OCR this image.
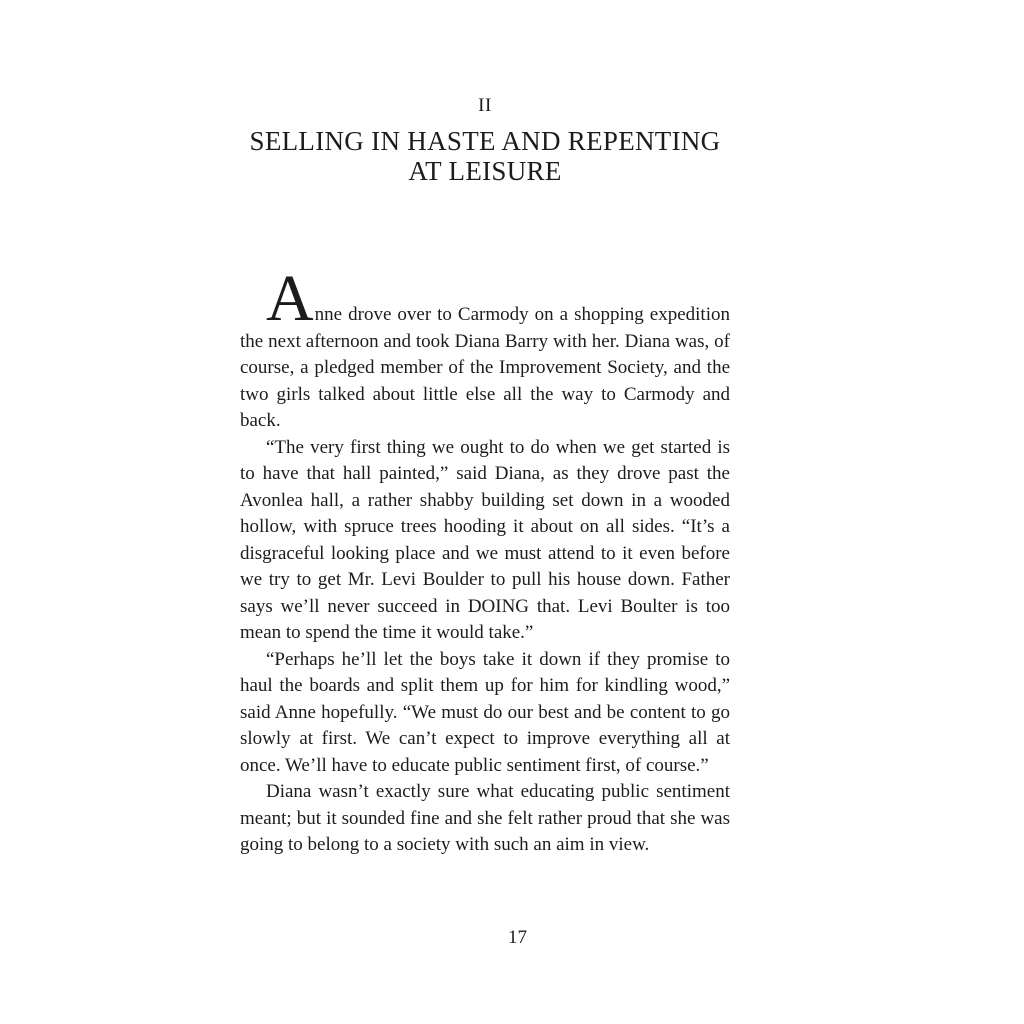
II
SELLING IN HASTE AND REPENTING
AT LEISURE

Anne drove over to Carmody on a shopping expedition the next afternoon and took Diana Barry with her. Diana was, of course, a pledged member of the Improvement Society, and the two girls talked about little else all the way to Carmody and back.

“The very first thing we ought to do when we get started is to have that hall painted,” said Diana, as they drove past the Avonlea hall, a rather shabby building set down in a wooded hollow, with spruce trees hooding it about on all sides. “It’s a disgraceful looking place and we must attend to it even before we try to get Mr. Levi Boulder to pull his house down. Father says we’ll never succeed in DOING that. Levi Boulter is too mean to spend the time it would take.”

“Perhaps he’ll let the boys take it down if they promise to haul the boards and split them up for him for kindling wood,” said Anne hopefully. “We must do our best and be content to go slowly at first. We can’t expect to improve everything all at once. We’ll have to educate public sentiment first, of course.”

Diana wasn’t exactly sure what educating public sentiment meant; but it sounded fine and she felt rather proud that she was going to belong to a society with such an aim in view.

17
